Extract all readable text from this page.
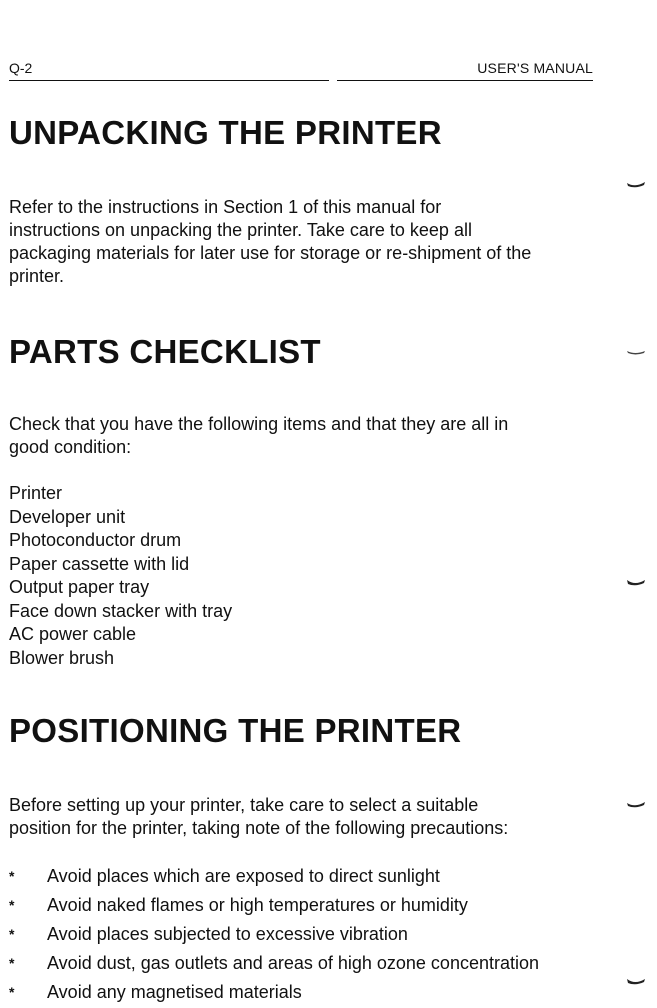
Q-2	USER'S MANUAL
UNPACKING THE PRINTER
Refer to the instructions in Section 1 of this manual for
instructions on unpacking the printer. Take care to keep all
packaging materials for later use for storage or re-shipment of the
printer.
PARTS CHECKLIST
Check that you have the following items and that they are all in
good condition:
Printer
Developer unit
Photoconductor drum
Paper cassette with lid
Output paper tray
Face down stacker with tray
AC power cable
Blower brush
POSITIONING THE PRINTER
Before setting up your printer, take care to select a suitable
position for the printer, taking note of the following precautions:
* Avoid places which are exposed to direct sunlight
* Avoid naked flames or high temperatures or humidity
* Avoid places subjected to excessive vibration
* Avoid dust, gas outlets and areas of high ozone concentration
* Avoid any magnetised materials
